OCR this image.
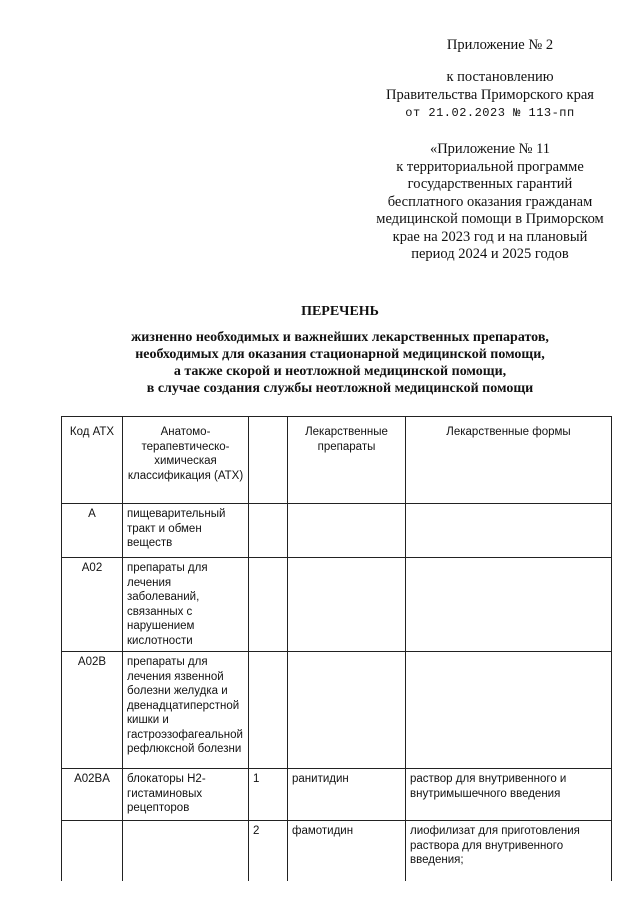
Приложение № 2
к постановлению
Правительства Приморского края
от 21.02.2023 № 113-пп
«Приложение № 11
к территориальной программе
государственных гарантий
бесплатного оказания гражданам
медицинской помощи в Приморском
крае на 2023 год и на плановый
период 2024 и 2025 годов
ПЕРЕЧЕНЬ
жизненно необходимых и важнейших лекарственных препаратов,
необходимых для оказания стационарной медицинской помощи,
а также скорой и неотложной медицинской помощи,
в случае создания службы неотложной медицинской помощи
Код АТХ	Анатомо-терапевтическо-химическая классификация (АТХ)		Лекарственные препараты	Лекарственные формы
А	пищеварительный тракт и обмен веществ			
A02	препараты для лечения заболеваний, связанных с нарушением кислотности			
A02B	препараты для лечения язвенной болезни желудка и двенадцатиперстной кишки и гастроэзофагеальной рефлюксной болезни			
A02BA	блокаторы Н2-гистаминовых рецепторов	1	ранитидин	раствор для внутривенного и внутримышечного введения
		2	фамотидин	лиофилизат для приготовления раствора для внутривенного введения;
